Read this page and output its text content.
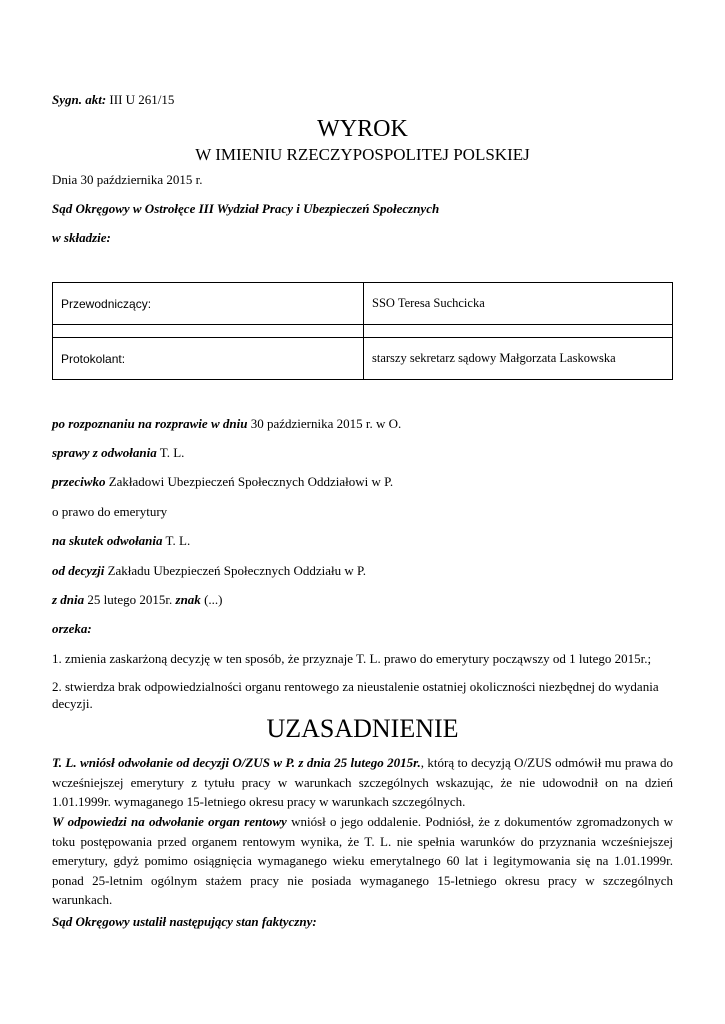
Sygn. akt: III U 261/15
WYROK
W IMIENIU RZECZYPOSPOLITEJ POLSKIEJ
Dnia 30 października 2015 r.
Sąd Okręgowy w Ostrołęce III Wydział Pracy i Ubezpieczeń Społecznych
w składzie:
Przewodniczący:	SSO Teresa Suchcicka

Protokolant:	starszy sekretarz sądowy Małgorzata Laskowska
po rozpoznaniu na rozprawie w dniu 30 października 2015 r. w O.
sprawy z odwołania T. L.
przeciwko Zakładowi Ubezpieczeń Społecznych Oddziałowi w P.
o prawo do emerytury
na skutek odwołania T. L.
od decyzji Zakładu Ubezpieczeń Społecznych Oddziału w P.
z dnia 25 lutego 2015r. znak (...)
orzeka:
1. zmienia zaskarżoną decyzję w ten sposób, że przyznaje T. L. prawo do emerytury począwszy od 1 lutego 2015r.;
2. stwierdza brak odpowiedzialności organu rentowego za nieustalenie ostatniej okoliczności niezbędnej do wydania decyzji.
UZASADNIENIE
T. L. wniósł odwołanie od decyzji O/ZUS w P. z dnia 25 lutego 2015r., którą to decyzją O/ZUS odmówił mu prawa do wcześniejszej emerytury z tytułu pracy w warunkach szczególnych wskazując, że nie udowodnił on na dzień 1.01.1999r. wymaganego 15-letniego okresu pracy w warunkach szczególnych.
W odpowiedzi na odwołanie organ rentowy wniósł o jego oddalenie. Podniósł, że z dokumentów zgromadzonych w toku postępowania przed organem rentowym wynika, że T. L. nie spełnia warunków do przyznania wcześniejszej emerytury, gdyż pomimo osiągnięcia wymaganego wieku emerytalnego 60 lat i legitymowania się na 1.01.1999r. ponad 25-letnim ogólnym stażem pracy nie posiada wymaganego 15-letniego okresu pracy w szczególnych warunkach.
Sąd Okręgowy ustalił następujący stan faktyczny:
